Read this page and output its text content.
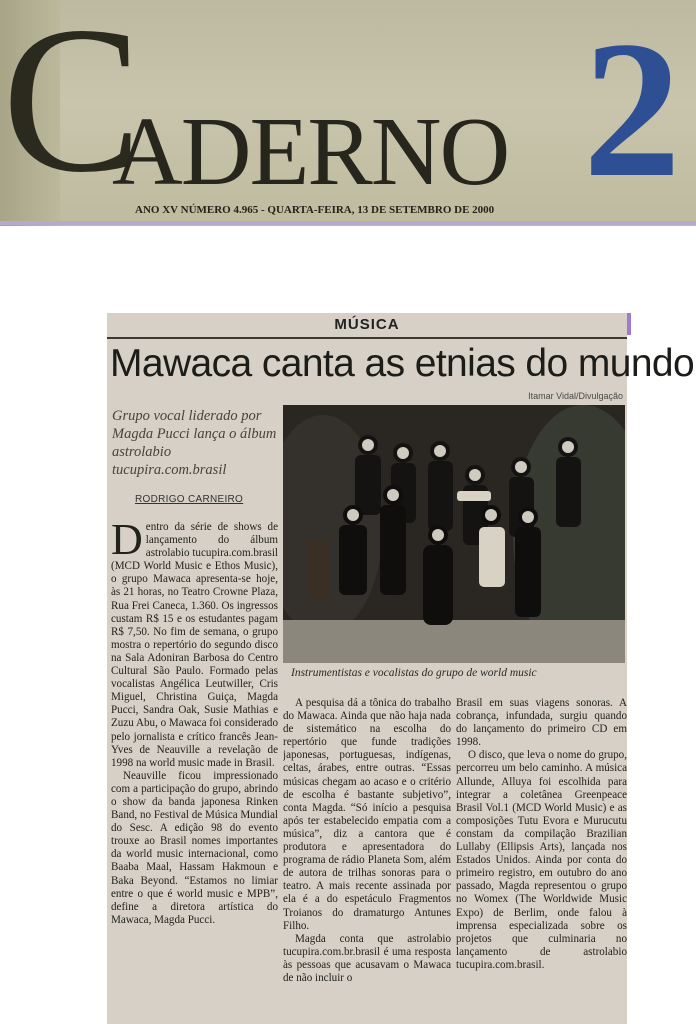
C
ADERNO 2
ANO XV NÚMERO 4.965 - QUARTA-FEIRA, 13 DE SETEMBRO DE 2000
MÚSICA
Mawaca canta as etnias do mundo
Itamar Vidal/Divulgação
Grupo vocal liderado por Magda Pucci lança o álbum astrolabio tucupira.com.brasil
RODRIGO CARNEIRO
Instrumentistas e vocalistas do grupo de world music

Dentro da série de shows de lançamento do álbum astrolabio tucupira.com.brasil (MCD World Music e Ethos Music), o grupo Mawaca apresenta-se hoje, às 21 horas, no Teatro Crowne Plaza, Rua Frei Caneca, 1.360. Os ingressos custam R$ 15 e os estudantes pagam R$ 7,50. No fim de semana, o grupo mostra o repertório do segundo disco na Sala Adoniran Barbosa do Centro Cultural São Paulo. Formado pelas vocalistas Angélica Leutwiller, Cris Miguel, Christina Guiça, Magda Pucci, Sandra Oak, Susie Mathias e Zuzu Abu, o Mawaca foi considerado pelo jornalista e crítico francês Jean-Yves de Neauville a revelação de 1998 na world music made in Brasil.

Neauville ficou impressionado com a participação do grupo, abrindo o show da banda japonesa Rinken Band, no Festival de Música Mundial do Sesc. A edição 98 do evento trouxe ao Brasil nomes importantes da world music internacional, como Baaba Maal, Hassam Hakmoun e Baka Beyond. “Estamos no limiar entre o que é world music e MPB”, define a diretora artística do Mawaca, Magda Pucci.

A pesquisa dá a tônica do trabalho do Mawaca. Ainda que não haja nada de sistemático na escolha do repertório que funde tradições japonesas, portuguesas, indígenas, celtas, árabes, entre outras. “Essas músicas chegam ao acaso e o critério de escolha é bastante subjetivo”, conta Magda. “Só início a pesquisa após ter estabelecido empatia com a música”, diz a cantora que é produtora e apresentadora do programa de rádio Planeta Som, além de autora de trilhas sonoras para o teatro. A mais recente assinada por ela é a do espetáculo Fragmentos Troianos do dramaturgo Antunes Filho.

Magda conta que astrolabio tucupira.com.br.brasil é uma resposta às pessoas que acusavam o Mawaca de não incluir o

Brasil em suas viagens sonoras. A cobrança, infundada, surgiu quando do lançamento do primeiro CD em 1998.

O disco, que leva o nome do grupo, percorreu um belo caminho. A música Allunde, Alluya foi escolhida para integrar a coletânea Greenpeace Brasil Vol.1 (MCD World Music) e as composições Tutu Evora e Murucutu constam da compilação Brazilian Lullaby (Ellipsis Arts), lançada nos Estados Unidos. Ainda por conta do primeiro registro, em outubro do ano passado, Magda representou o grupo no Womex (The Worldwide Music Expo) de Berlim, onde falou à imprensa especializada sobre os projetos que culminaria no lançamento de astrolabio tucupira.com.brasil.
